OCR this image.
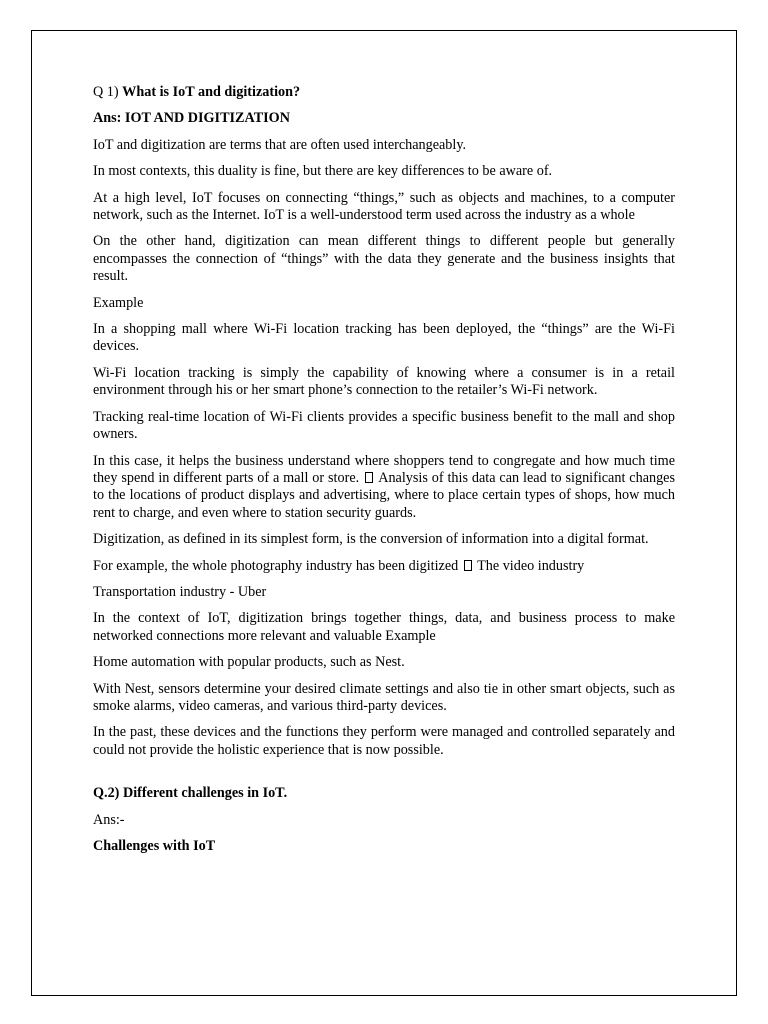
Q 1) What is IoT and digitization?
Ans: IOT AND DIGITIZATION
IoT and digitization are terms that are often used interchangeably.
In most contexts, this duality is fine, but there are key differences to be aware of.
At a high level, IoT focuses on connecting “things,” such as objects and machines, to a computer network, such as the Internet. IoT is a well-understood term used across the industry as a whole
On the other hand, digitization can mean different things to different people but generally encompasses the connection of “things” with the data they generate and the business insights that result.
Example
In a shopping mall where Wi-Fi location tracking has been deployed, the “things” are the Wi-Fi devices.
Wi-Fi location tracking is simply the capability of knowing where a consumer is in a retail environment through his or her smart phone’s connection to the retailer’s Wi-Fi network.
Tracking real-time location of Wi-Fi clients provides a specific business benefit to the mall and shop owners.
In this case, it helps the business understand where shoppers tend to congregate and how much time they spend in different parts of a mall or store.  Analysis of this data can lead to significant changes to the locations of product displays and advertising, where to place certain types of shops, how much rent to charge, and even where to station security guards.
Digitization, as defined in its simplest form, is the conversion of information into a digital format.
For example, the whole photography industry has been digitized  The video industry
Transportation industry - Uber
In the context of IoT, digitization brings together things, data, and business process to make networked connections more relevant and valuable Example
Home automation with popular products, such as Nest.
With Nest, sensors determine your desired climate settings and also tie in other smart objects, such as smoke alarms, video cameras, and various third-party devices.
In the past, these devices and the functions they perform were managed and controlled separately and could not provide the holistic experience that is now possible.
Q.2) Different challenges in IoT.
Ans:-
Challenges with IoT
